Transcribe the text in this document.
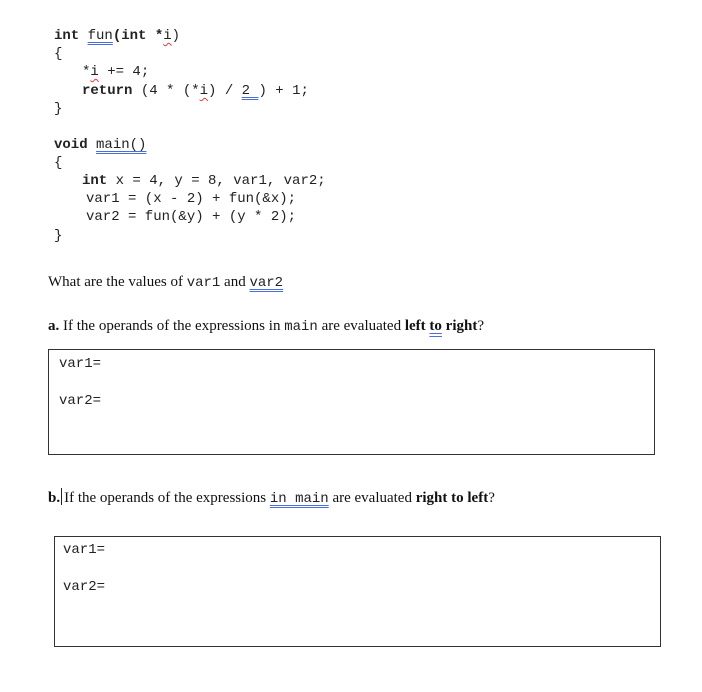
int fun(int *i)
{
*i += 4;
return (4 * (*i) / 2 ) + 1;
}
void main()
{
int x = 4, y = 8, var1, var2;
var1 = (x - 2) + fun(&x);
var2 = fun(&y) + (y * 2);
}
What are the values of var1 and var2
a. If the operands of the expressions in main are evaluated left to right?
var1=
var2=
b. If the operands of the expressions in main are evaluated right to left?
var1=
var2=
